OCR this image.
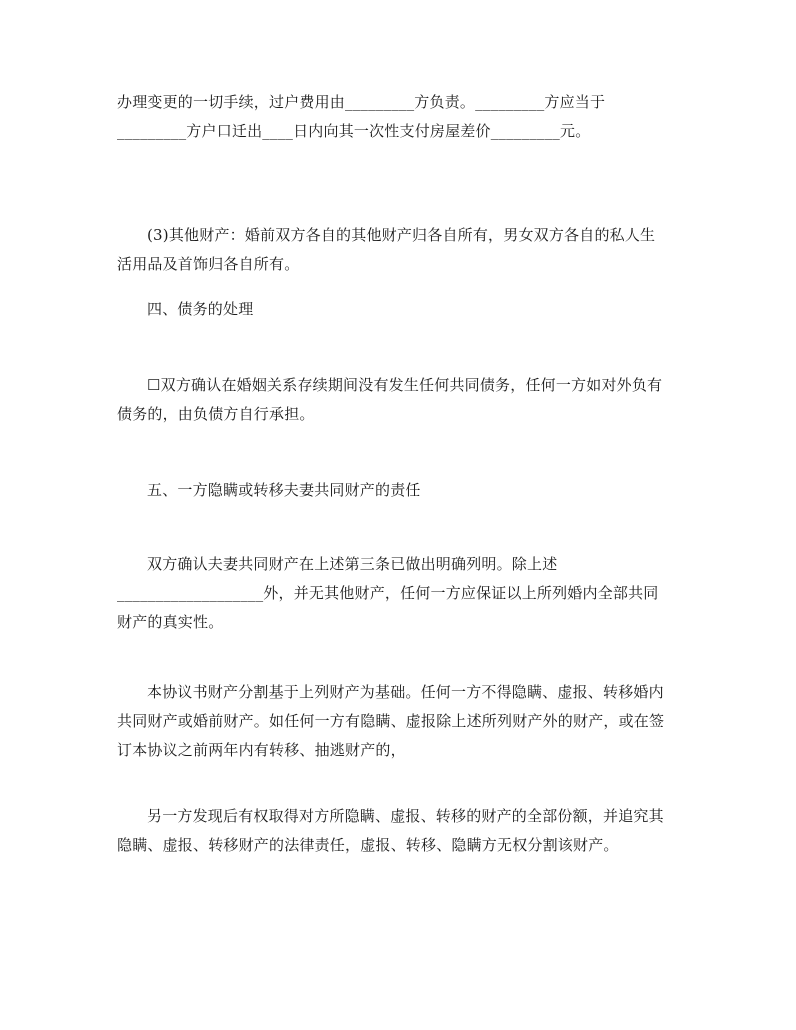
办理变更的一切手续，过户费用由_________方负责。_________方应当于
_________方户口迁出____日内向其一次性支付房屋差价_________元。

(3)其他财产：婚前双方各自的其他财产归各自所有，男女双方各自的私人生
活用品及首饰归各自所有。

四、债务的处理

☐双方确认在婚姻关系存续期间没有发生任何共同债务，任何一方如对外负有
债务的，由负债方自行承担。

五、一方隐瞒或转移夫妻共同财产的责任

双方确认夫妻共同财产在上述第三条已做出明确列明。除上述
___________________外，并无其他财产，任何一方应保证以上所列婚内全部共同
财产的真实性。

本协议书财产分割基于上列财产为基础。任何一方不得隐瞒、虚报、转移婚内
共同财产或婚前财产。如任何一方有隐瞒、虚报除上述所列财产外的财产，或在签
订本协议之前两年内有转移、抽逃财产的，

另一方发现后有权取得对方所隐瞒、虚报、转移的财产的全部份额，并追究其
隐瞒、虚报、转移财产的法律责任，虚报、转移、隐瞒方无权分割该财产。
